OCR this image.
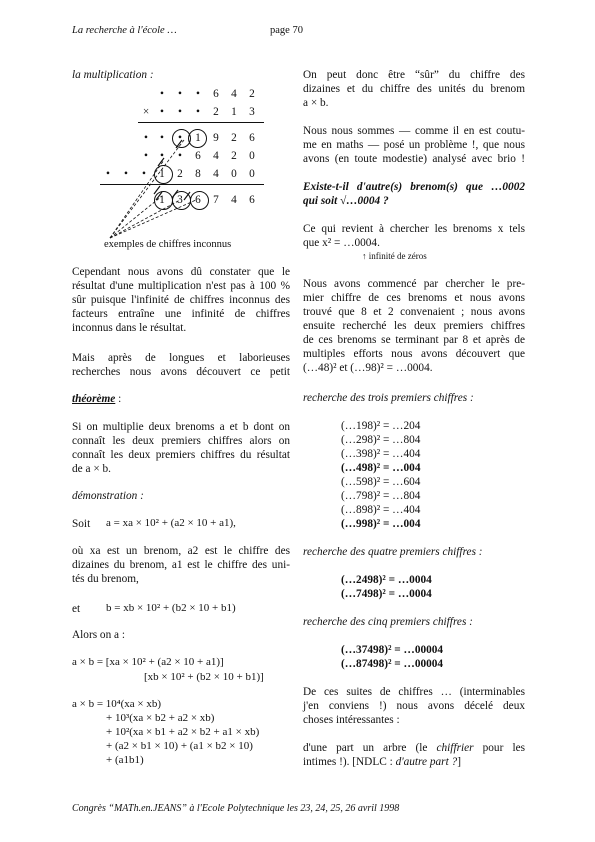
La recherche à l'école …	page 70
la multiplication :
•	•	•	6 4 2
× •	•	•	2 1 3
•	•	•	1 9 2 6
•	•	•	6 4 2 0
•	•	•	1 2 8 4 0 0
1 3 6 7 4 6
exemples de chiffres inconnus
Cependant nous avons dû constater que le
résultat d'une multiplication n'est pas à 100 %
sûr puisque l'infinité de chiffres inconnus des
facteurs entraîne une infinité de chiffres
inconnus dans le résultat.
Mais après de longues et laborieuses
recherches nous avons découvert ce petit
théorème :
Si on multiplie deux brenoms a et b dont on
connaît les deux premiers chiffres alors on
connaît les deux premiers chiffres du résultat
de a × b.
démonstration :
Soit a = xa × 10² + (a2 × 10 + a1),
où xa est un brenom, a2 est le chiffre des
dizaines du brenom, a1 est le chiffre des uni-
tés du brenom,
et b = xb × 10² + (b2 × 10 + b1)
Alors on a :
a × b = [xa × 10² + (a2 × 10 + a1)]
[xb × 10² + (b2 × 10 + b1)]
a × b = 10⁴(xa × xb)
+ 10³(xa × b2 + a2 × xb)
+ 10²(xa × b1 + a2 × b2 + a1 × xb)
+ (a2 × b1 × 10) + (a1 × b2 × 10)
+ (a1b1)
On peut donc être “sûr” du chiffre des
dizaines et du chiffre des unités du brenom
a × b.
Nous nous sommes — comme il en est coutu-
me en maths — posé un problème !, que nous
avons (en toute modestie) analysé avec brio !
Existe-t-il d'autre(s) brenom(s) que …0002
qui soit √…0004 ?
Ce qui revient à chercher les brenoms x tels
que x² = …0004.
↑ infinité de zéros
Nous avons commencé par chercher le pre-
mier chiffre de ces brenoms et nous avons
trouvé que 8 et 2 convenaient ; nous avons
ensuite recherché les deux premiers chiffres
de ces brenoms se terminant par 8 et après de
multiples efforts nous avons découvert que
(…48)² et (…98)² = …0004.
recherche des trois premiers chiffres :
(…198)² = …204
(…298)² = …804
(…398)² = …404
(…498)² = …004
(…598)² = …604
(…798)² = …804
(…898)² = …404
(…998)² = …004
recherche des quatre premiers chiffres :
(…2498)² = …0004
(…7498)² = …0004
recherche des cinq premiers chiffres :
(…37498)² = …00004
(…87498)² = …00004
De ces suites de chiffres … (interminables
j'en conviens !) nous avons décelé deux
choses intéressantes :
d'une part un arbre (le chiffrier pour les
intimes !). [NDLC : d'autre part ?]
Congrès “MATh.en.JEANS” à l'Ecole Polytechnique les 23, 24, 25, 26 avril 1998
